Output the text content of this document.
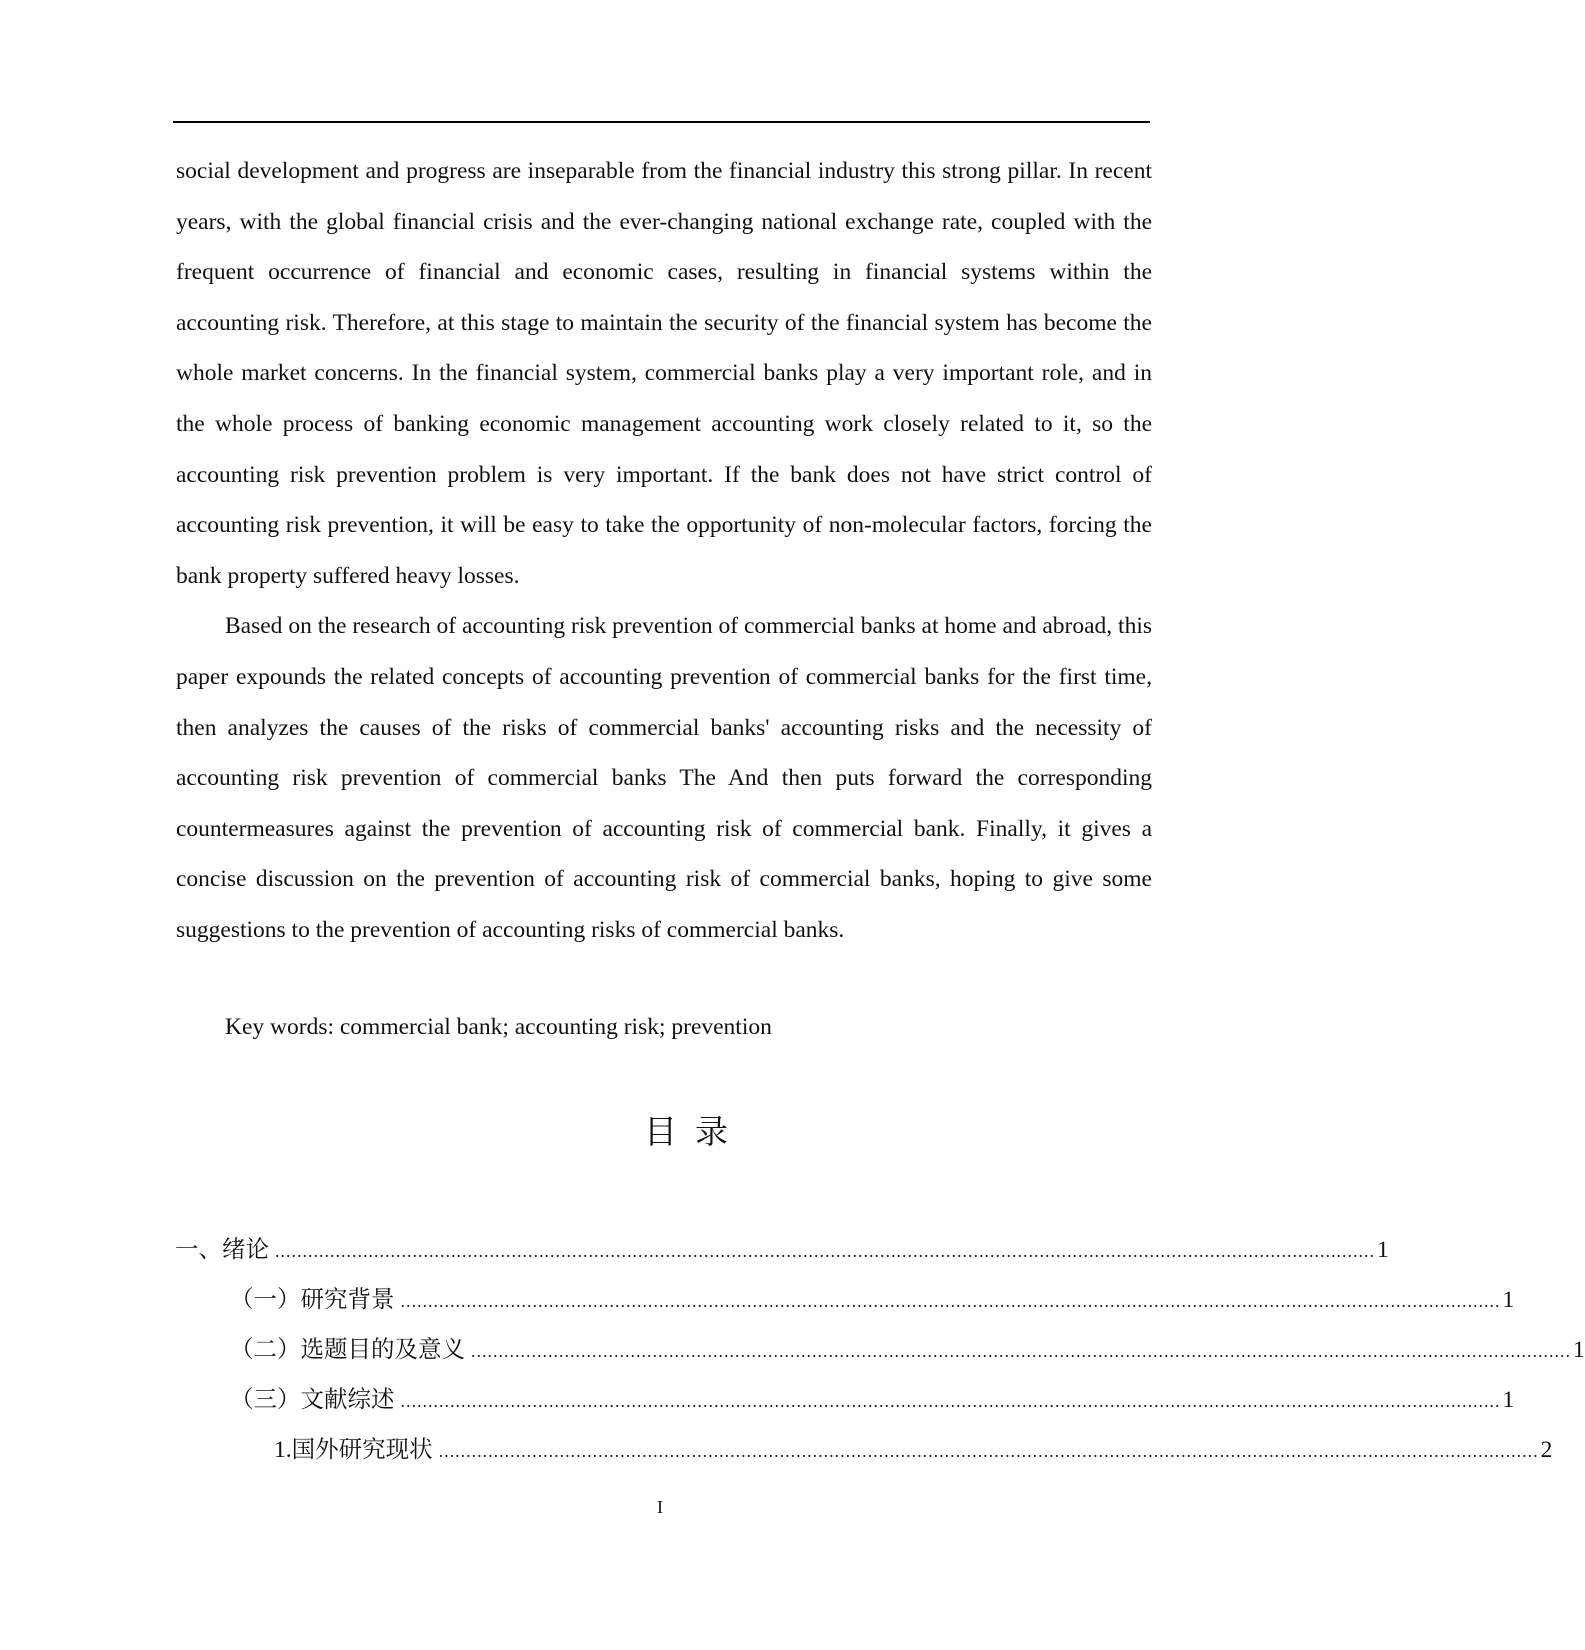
social development and progress are inseparable from the financial industry this strong pillar. In recent years, with the global financial crisis and the ever-changing national exchange rate, coupled with the frequent occurrence of financial and economic cases, resulting in financial systems within the accounting risk. Therefore, at this stage to maintain the security of the financial system has become the whole market concerns. In the financial system, commercial banks play a very important role, and in the whole process of banking economic management accounting work closely related to it, so the accounting risk prevention problem is very important. If the bank does not have strict control of accounting risk prevention, it will be easy to take the opportunity of non-molecular factors, forcing the bank property suffered heavy losses.

Based on the research of accounting risk prevention of commercial banks at home and abroad, this paper expounds the related concepts of accounting prevention of commercial banks for the first time, then analyzes the causes of the risks of commercial banks' accounting risks and the necessity of accounting risk prevention of commercial banks The And then puts forward the corresponding countermeasures against the prevention of accounting risk of commercial bank. Finally, it gives a concise discussion on the prevention of accounting risk of commercial banks, hoping to give some suggestions to the prevention of accounting risks of commercial banks.

Key words: commercial bank; accounting risk; prevention
目录
一、绪论 ........................................................................................................................................................................................................ 1
（一）研究背景 ........................................................................................................................................................................................................ 1
（二）选题目的及意义 ........................................................................................................................................................................................................ 1
（三）文献综述 ........................................................................................................................................................................................................ 1
1.国外研究现状 ........................................................................................................................................................................................................ 2
I
